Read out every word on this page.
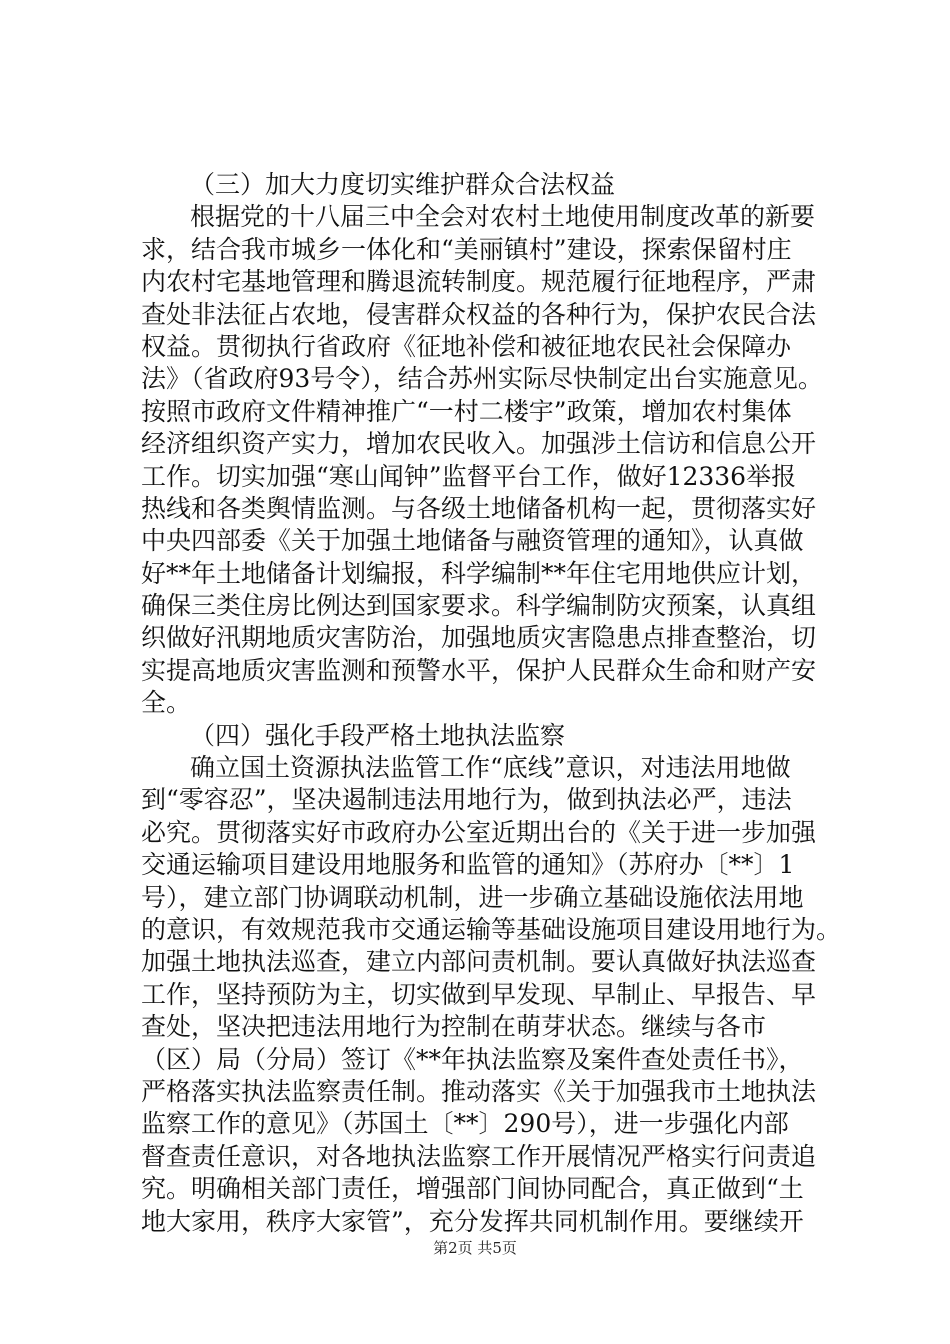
（三）加大力度切实维护群众合法权益
根据党的十八届三中全会对农村土地使用制度改革的新要
求，结合我市城乡一体化和“美丽镇村”建设，探索保留村庄
内农村宅基地管理和腾退流转制度。规范履行征地程序，严肃
查处非法征占农地，侵害群众权益的各种行为，保护农民合法
权益。贯彻执行省政府《征地补偿和被征地农民社会保障办
法》（省政府93号令），结合苏州实际尽快制定出台实施意见。
按照市政府文件精神推广“一村二楼宇”政策，增加农村集体
经济组织资产实力，增加农民收入。加强涉土信访和信息公开
工作。切实加强“寒山闻钟”监督平台工作，做好12336举报
热线和各类舆情监测。与各级土地储备机构一起，贯彻落实好
中央四部委《关于加强土地储备与融资管理的通知》，认真做
好**年土地储备计划编报，科学编制**年住宅用地供应计划，
确保三类住房比例达到国家要求。科学编制防灾预案，认真组
织做好汛期地质灾害防治，加强地质灾害隐患点排查整治，切
实提高地质灾害监测和预警水平，保护人民群众生命和财产安
全。
（四）强化手段严格土地执法监察
确立国土资源执法监管工作“底线”意识，对违法用地做
到“零容忍”，坚决遏制违法用地行为，做到执法必严，违法
必究。贯彻落实好市政府办公室近期出台的《关于进一步加强
交通运输项目建设用地服务和监管的通知》（苏府办〔**〕1
号），建立部门协调联动机制，进一步确立基础设施依法用地
的意识，有效规范我市交通运输等基础设施项目建设用地行为。
加强土地执法巡查，建立内部问责机制。要认真做好执法巡查
工作，坚持预防为主，切实做到早发现、早制止、早报告、早
查处，坚决把违法用地行为控制在萌芽状态。继续与各市
（区）局（分局）签订《**年执法监察及案件查处责任书》，
严格落实执法监察责任制。推动落实《关于加强我市土地执法
监察工作的意见》（苏国土〔**〕290号），进一步强化内部
督查责任意识，对各地执法监察工作开展情况严格实行问责追
究。明确相关部门责任，增强部门间协同配合，真正做到“土
地大家用，秩序大家管”，充分发挥共同机制作用。要继续开
第2页 共5页
